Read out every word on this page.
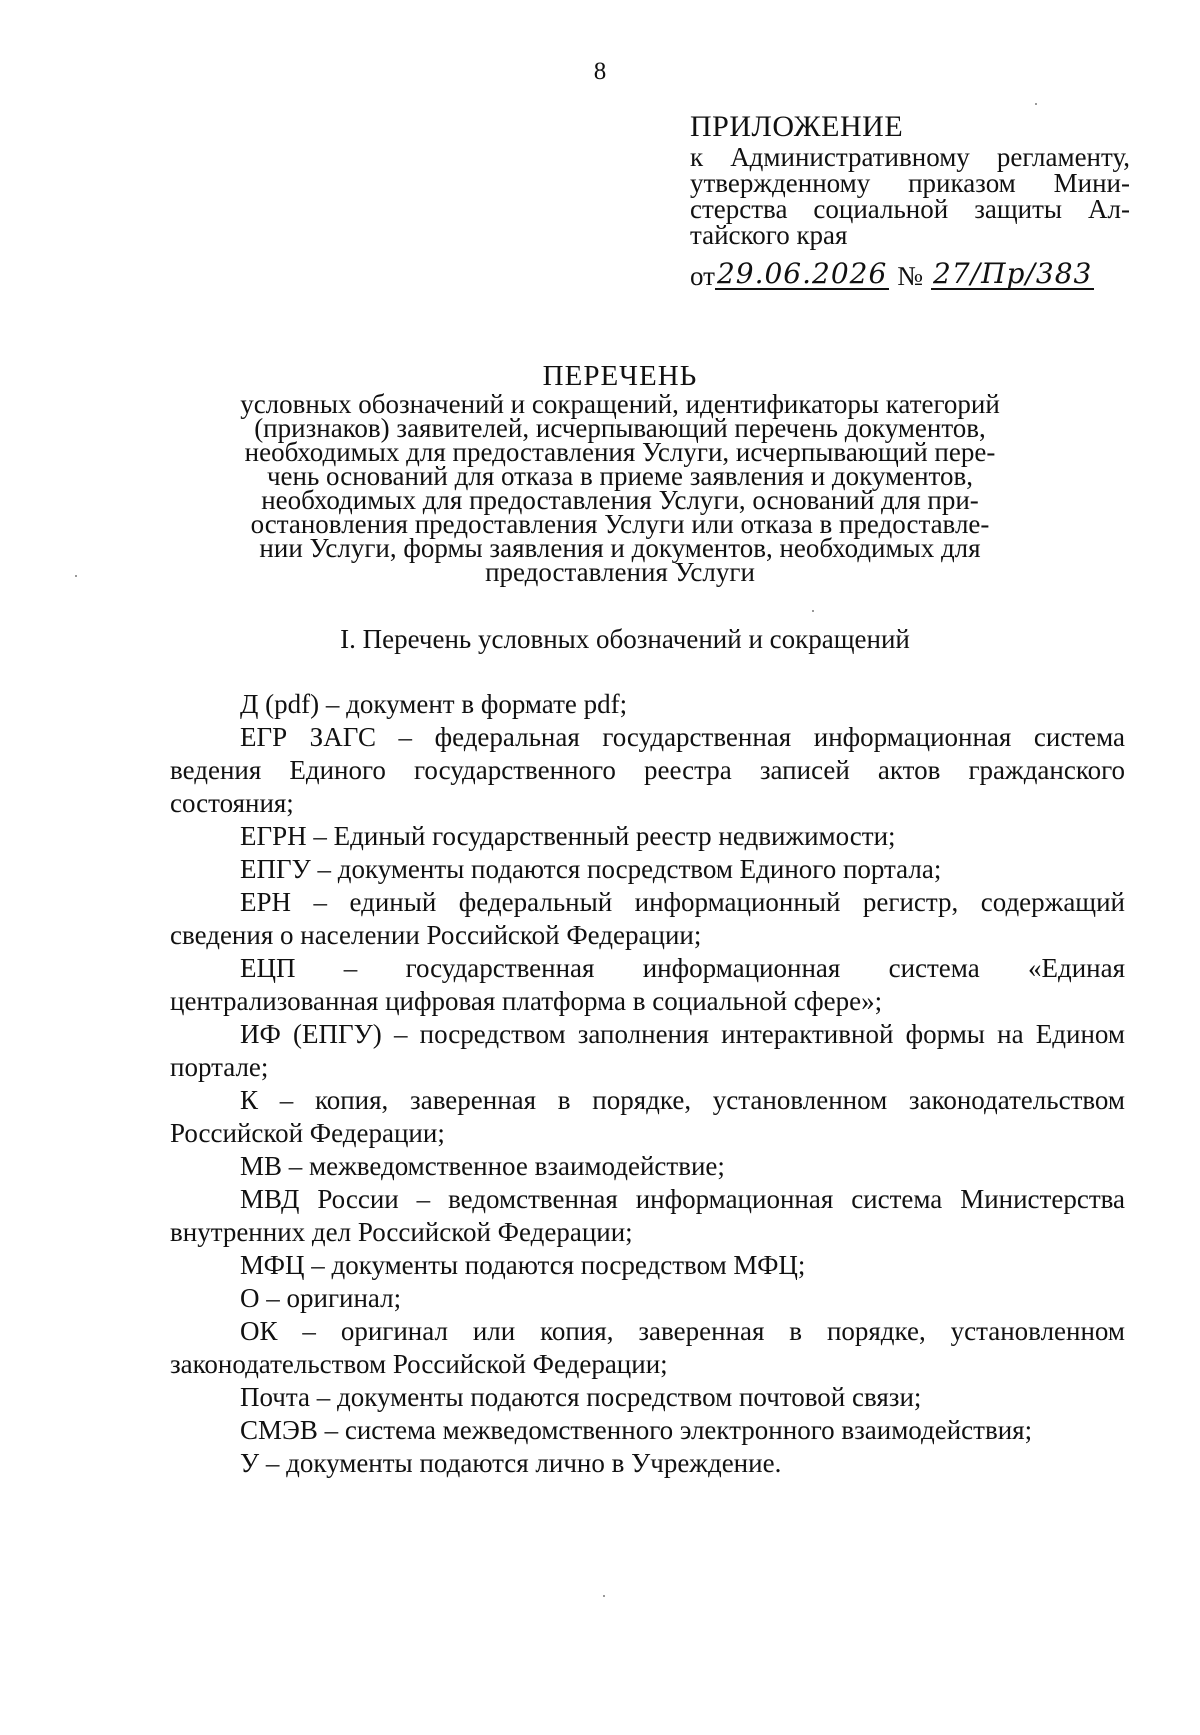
8
ПРИЛОЖЕНИЕ
к Административному регламенту,
утвержденному приказом Мини-
стерства социальной защиты Ал-
тайского края
от 29.06.2026 № 27/Пр/383
ПЕРЕЧЕНЬ
условных обозначений и сокращений, идентификаторы категорий
(признаков) заявителей, исчерпывающий перечень документов,
необходимых для предоставления Услуги, исчерпывающий пере-
чень оснований для отказа в приеме заявления и документов,
необходимых для предоставления Услуги, оснований для при-
остановления предоставления Услуги или отказа в предоставле-
нии Услуги, формы заявления и документов, необходимых для
предоставления Услуги
I. Перечень условных обозначений и сокращений

Д (pdf) – документ в формате pdf;

ЕГР ЗАГС – федеральная государственная информационная система ведения Единого государственного реестра записей актов гражданского состояния;

ЕГРН – Единый государственный реестр недвижимости;

ЕПГУ – документы подаются посредством Единого портала;

ЕРН – единый федеральный информационный регистр, содержащий сведения о населении Российской Федерации;

ЕЦП – государственная информационная система «Единая централизованная цифровая платформа в социальной сфере»;

ИФ (ЕПГУ) – посредством заполнения интерактивной формы на Едином портале;

К – копия, заверенная в порядке, установленном законодательством Российской Федерации;

МВ – межведомственное взаимодействие;

МВД России – ведомственная информационная система Министерства внутренних дел Российской Федерации;

МФЦ – документы подаются посредством МФЦ;

О – оригинал;

ОК – оригинал или копия, заверенная в порядке, установленном законодательством Российской Федерации;

Почта – документы подаются посредством почтовой связи;

СМЭВ – система межведомственного электронного взаимодействия;

У – документы подаются лично в Учреждение.
